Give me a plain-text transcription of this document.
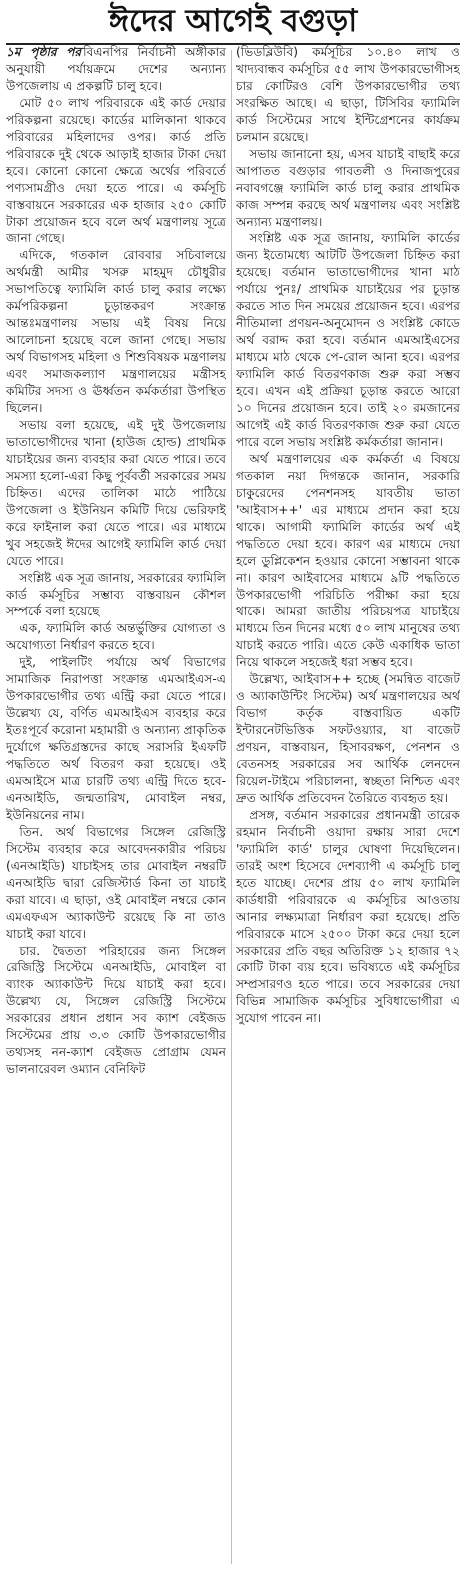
ঈদের আগেই বগুড়া

১ম পৃষ্ঠার পর বিএনপির নির্বাচনী অঙ্গীকার অনুযায়ী পর্যায়ক্রমে দেশের অন্যান্য উপজেলায় এ প্রকল্পটি চালু হবে।

মোট ৫০ লাখ পরিবারকে এই কার্ড দেয়ার পরিকল্পনা রয়েছে। কার্ডের মালিকানা থাকবে পরিবারের মহিলাদের ওপর। কার্ড প্রতি পরিবারকে দুই থেকে আড়াই হাজার টাকা দেয়া হবে। কোনো কোনো ক্ষেত্রে অর্থের পরিবর্তে পণ্যসামগ্রীও দেয়া হতে পারে। এ কর্মসূচি বাস্তবায়নে সরকারের এক হাজার ২৫০ কোটি টাকা প্রয়োজন হবে বলে অর্থ মন্ত্রণালয় সূত্রে জানা গেছে।

এদিকে, গতকাল রোববার সচিবালয়ে অর্থমন্ত্রী আমীর খসরু মাহমুদ চৌধুরীর সভাপতিত্বে ফ্যামিলি কার্ড চালু করার লক্ষ্যে কর্মপরিকল্পনা চূড়ান্তকরণ সংক্রান্ত আন্তঃমন্ত্রণালয় সভায় এই বিষয় নিয়ে আলোচনা হয়েছে বলে জানা গেছে। সভায় অর্থ বিভাগসহ মহিলা ও শিশুবিষয়ক মন্ত্রণালয় এবং সমাজকল্যাণ মন্ত্রণালয়ের মন্ত্রীসহ কমিটির সদস্য ও ঊর্ধ্বতন কর্মকর্তারা উপস্থিত ছিলেন।

সভায় বলা হয়েছে, এই দুই উপজেলায় ভাতাভোগীদের খানা (হাউজ হোল্ড) প্রাথমিক যাচাইয়ের জন্য ব্যবহার করা যেতে পারে। তবে সমস্যা হলো-এরা কিছু পূর্ববর্তী সরকারের সময় চিহ্নিত। এদের তালিকা মাঠে পাঠিয়ে উপজেলা ও ইউনিয়ন কমিটি দিয়ে ভেরিফাই করে ফাইনাল করা যেতে পারে। এর মাধ্যমে খুব সহজেই ঈদের আগেই ফ্যামিলি কার্ড দেয়া যেতে পারে।

সংশ্লিষ্ট এক সূত্র জানায়, সরকারের ফ্যামিলি কার্ড কর্মসূচির সম্ভাব্য বাস্তবায়ন কৌশল সম্পর্কে বলা হয়েছে

এক, ফ্যামিলি কার্ড অন্তর্ভুক্তির যোগ্যতা ও অযোগ্যতা নির্ধারণ করতে হবে।

দুই, পাইলটিং পর্যায়ে অর্থ বিভাগের সামাজিক নিরাপত্তা সংক্রান্ত এমআইএস-এ উপকারভোগীর তথ্য এন্ট্রি করা যেতে পারে। উল্লেখ্য যে, বর্ণিত এমআইএস ব্যবহার করে ইতঃপূর্বে করোনা মহামারী ও অন্যান্য প্রাকৃতিক দুর্যোগে ক্ষতিগ্রস্তদের কাছে সরাসরি ইএফটি পদ্ধতিতে অর্থ বিতরণ করা হয়েছে। ওই এমআইসে মাত্র চারটি তথ্য এন্ট্রি দিতে হবে- এনআইডি, জন্মতারিখ, মোবাইল নম্বর, ইউনিয়নের নাম।

তিন. অর্থ বিভাগের সিঙ্গেল রেজিস্ট্রি সিস্টেম ব্যবহার করে আবেদনকারীর পরিচয় (এনআইডি) যাচাইসহ তার মোবাইল নম্বরটি এনআইডি দ্বারা রেজিস্টার্ড কিনা তা যাচাই করা যাবে। এ ছাড়া, ওই মোবাইল নম্বরে কোন এমএফএস অ্যাকাউন্ট রয়েছে কি না তাও যাচাই করা যাবে।

চার. দ্বৈততা পরিহারের জন্য সিঙ্গেল রেজিস্ট্রি সিস্টেমে এনআইডি, মোবাইল বা ব্যাংক অ্যাকাউন্ট দিয়ে যাচাই করা হবে। উল্লেখ্য যে, সিঙ্গেল রেজিস্ট্রি সিস্টেমে সরকারের প্রধান প্রধান সব ক্যাশ বেইজড সিস্টেমের প্রায় ৩.৩ কোটি উপকারভোগীর তথ্যসহ নন-ক্যাশ বেইজড প্রোগ্রাম যেমন ভালনারেবল ওম্যান বেনিফিট

(ভিডব্লিউবি) কর্মসূচির ১০.৪০ লাখ ও খাদ্যবান্ধব কর্মসূচির ৫৫ লাখ উপকারভোগীসহ চার কোটিরও বেশি উপকারভোগীর তথ্য সংরক্ষিত আছে। এ ছাড়া, টিসিবির ফ্যামিলি কার্ড সিস্টেমের সাথে ইন্টিগ্রেশনের কার্যক্রম চলমান রয়েছে।

সভায় জানানো হয়, এসব যাচাই বাছাই করে আপাতত বগুড়ার গাবতলী ও দিনাজপুরের নবাবগঞ্জে ফ্যামিলি কার্ড চালু করার প্রাথমিক কাজ সম্পন্ন করছে অর্থ মন্ত্রণালয় এবং সংশ্লিষ্ট অন্যান্য মন্ত্রণালয়।

সংশ্লিষ্ট এক সূত্র জানায়, ফ্যামিলি কার্ডের জন্য ইতোমধ্যে আটটি উপজেলা চিহ্নিত করা হয়েছে। বর্তমান ভাতাভোগীদের খানা মাঠ পর্যায়ে পুনঃ/ প্রাথমিক যাচাইয়ের পর চূড়ান্ত করতে সাত দিন সময়ের প্রয়োজন হবে। এরপর নীতিমালা প্রণয়ন-অনুমোদন ও সংশ্লিষ্ট কোডে অর্থ বরাদ্দ করা হবে। বর্তমান এমআইএসের মাধ্যমে মাঠ থেকে পে-রোল আনা হবে। এরপর ফ্যামিলি কার্ড বিতরণকাজ শুরু করা সম্ভব হবে। এখন এই প্রক্রিয়া চূড়ান্ত করতে আরো ১০ দিনের প্রয়োজন হবে। তাই ২০ রমজানের আগেই এই কার্ড বিতরণকাজ শুরু করা যেতে পারে বলে সভায় সংশ্লিষ্ট কর্মকর্তারা জানান।

অর্থ মন্ত্রণালয়ের এক কর্মকর্তা এ বিষয়ে গতকাল নয়া দিগন্তকে জানান, সরকারি চাকুরেদের পেনশনসহ যাবতীয় ভাতা 'আইবাস++' এর মাধ্যমে প্রদান করা হয়ে থাকে। আগামী ফ্যামিলি কার্ডের অর্থ এই পদ্ধতিতে দেয়া হবে। কারণ এর মাধ্যমে দেয়া হলে ডুপ্লিকেশন হওয়ার কোনো সম্ভাবনা থাকে না। কারণ আইবাসের মাধ্যমে ৯টি পদ্ধতিতে উপকারভোগী পরিচিতি পরীক্ষা করা হয়ে থাকে। আমরা জাতীয় পরিচয়পত্র যাচাইয়ে মাধ্যমে তিন দিনের মধ্যে ৫০ লাখ মানুষের তথ্য যাচাই করতে পারি। এতে কেউ একাধিক ভাতা নিয়ে থাকলে সহজেই ধরা সম্ভব হবে।

উল্লেখ্য, আইবাস++ হচ্ছে (সমন্বিত বাজেট ও অ্যাকাউন্টিং সিস্টেম) অর্থ মন্ত্রণালয়ের অর্থ বিভাগ কর্তৃক বাস্তবায়িত একটি ইন্টারনেটভিত্তিক সফটওয়্যার, যা বাজেট প্রণয়ন, বাস্তবায়ন, হিসাবরক্ষণ, পেনশন ও বেতনসহ সরকারের সব আর্থিক লেনদেন রিয়েল-টাইমে পরিচালনা, স্বচ্ছতা নিশ্চিত এবং দ্রুত আর্থিক প্রতিবেদন তৈরিতে ব্যবহৃত হয়।

প্রসঙ্গ, বর্তমান সরকারের প্রধানমন্ত্রী তারেক রহমান নির্বাচনী ওয়াদা রক্ষায় সারা দেশে 'ফ্যামিলি কার্ড' চালুর ঘোষণা দিয়েছিলেন। তারই অংশ হিসেবে দেশব্যাপী এ কর্মসূচি চালু হতে যাচ্ছে। দেশের প্রায় ৫০ লাখ ফ্যামিলি কার্ডধারী পরিবারকে এ কর্মসূচির আওতায় আনার লক্ষ্যমাত্রা নির্ধারণ করা হয়েছে। প্রতি পরিবারকে মাসে ২৫০০ টাকা করে দেয়া হলে সরকারের প্রতি বছর অতিরিক্ত ১২ হাজার ৭২ কোটি টাকা ব্যয় হবে। ভবিষ্যতে এই কর্মসূচির সম্প্রসারণও হতে পারে। তবে সরকারের দেয়া বিভিন্ন সামাজিক কর্মসূচির সুবিধাভোগীরা এ সুযোগ পাবেন না।
